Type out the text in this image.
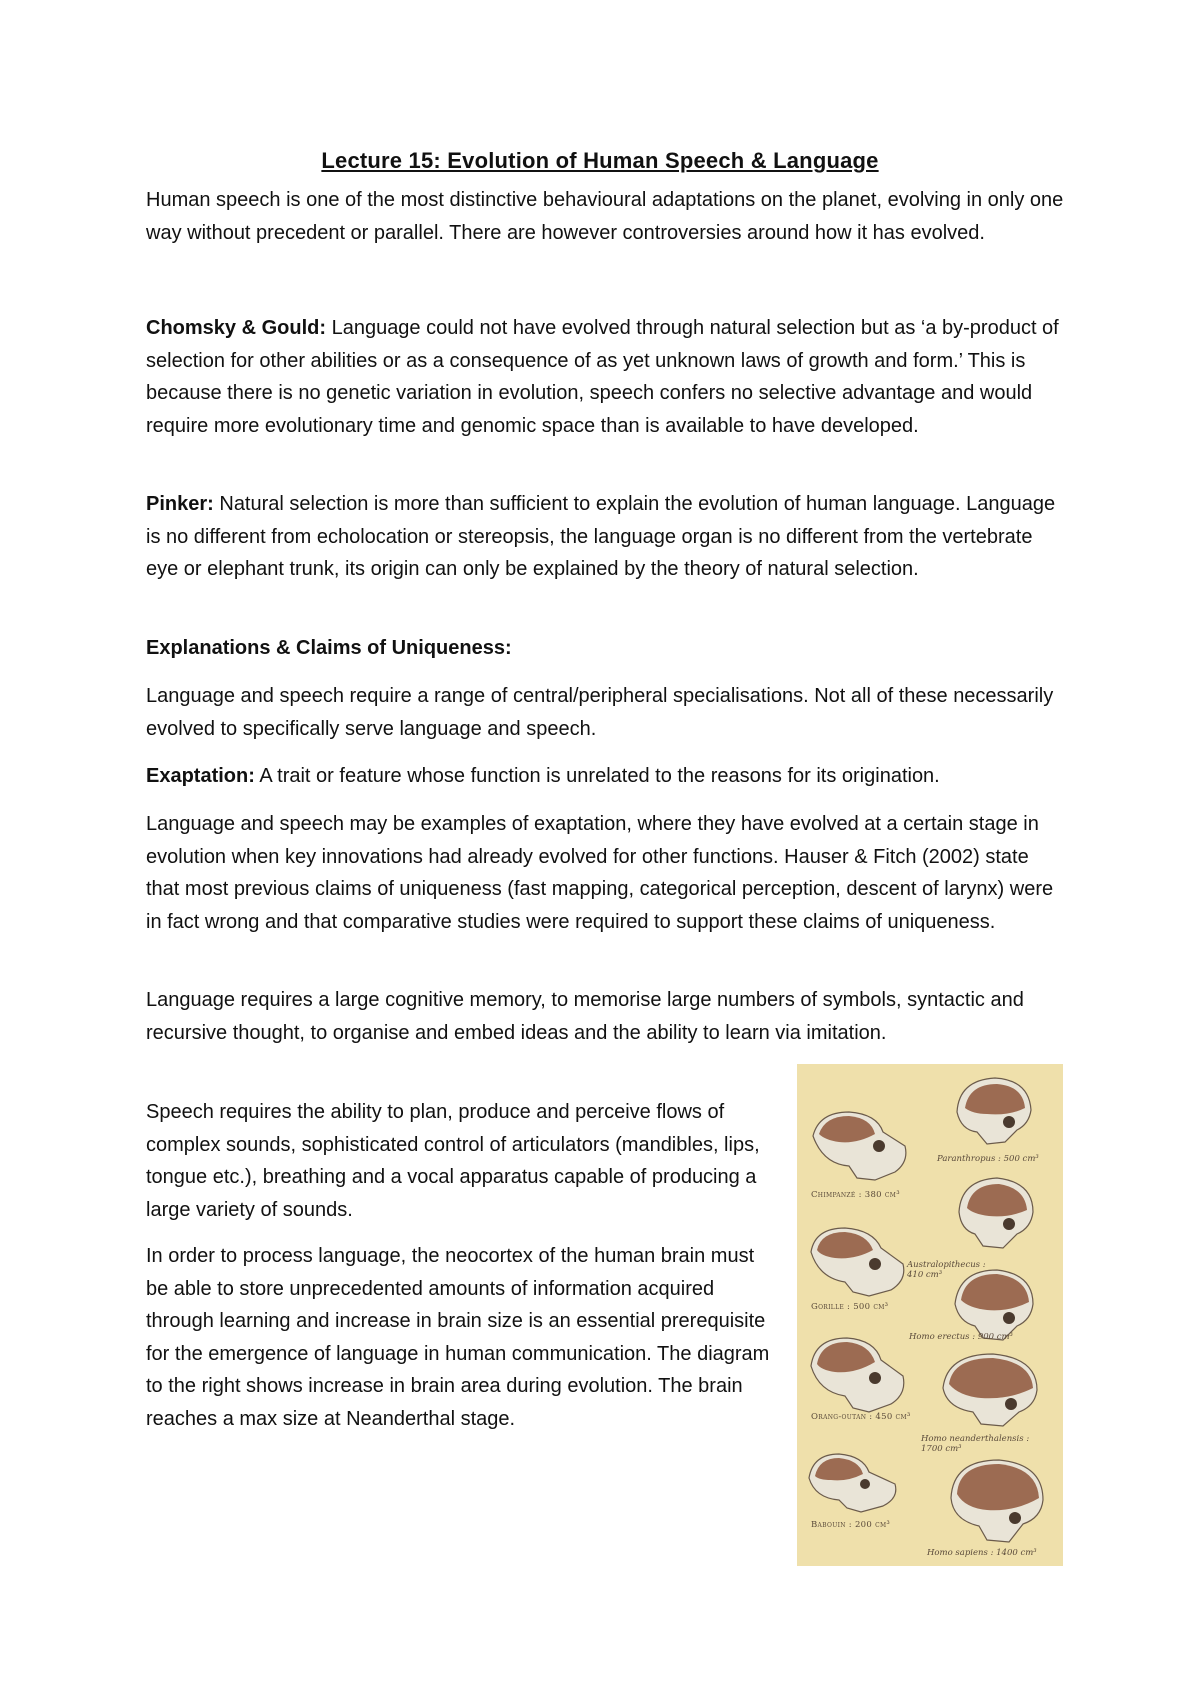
Lecture 15: Evolution of Human Speech & Language

Human speech is one of the most distinctive behavioural adaptations on the planet, evolving in only one way without precedent or parallel. There are however controversies around how it has evolved.

Chomsky & Gould: Language could not have evolved through natural selection but as ‘a by-product of selection for other abilities or as a consequence of as yet unknown laws of growth and form.’ This is because there is no genetic variation in evolution, speech confers no selective advantage and would require more evolutionary time and genomic space than is available to have developed.

Pinker: Natural selection is more than sufficient to explain the evolution of human language. Language is no different from echolocation or stereopsis, the language organ is no different from the vertebrate eye or elephant trunk, its origin can only be explained by the theory of natural selection.

Explanations & Claims of Uniqueness:

Language and speech require a range of central/peripheral specialisations. Not all of these necessarily evolved to specifically serve language and speech.

Exaptation: A trait or feature whose function is unrelated to the reasons for its origination.

Language and speech may be examples of exaptation, where they have evolved at a certain stage in evolution when key innovations had already evolved for other functions. Hauser & Fitch (2002) state that most previous claims of uniqueness (fast mapping, categorical perception, descent of larynx) were in fact wrong and that comparative studies were required to support these claims of uniqueness.

Language requires a large cognitive memory, to memorise large numbers of symbols, syntactic and recursive thought, to organise and embed ideas and the ability to learn via imitation.

Speech requires the ability to plan, produce and perceive flows of complex sounds, sophisticated control of articulators (mandibles, lips, tongue etc.), breathing and a vocal apparatus capable of producing a large variety of sounds.

In order to process language, the neocortex of the human brain must be able to store unprecedented amounts of information acquired through learning and increase in brain size is an essential prerequisite for the emergence of language in human communication. The diagram to the right shows increase in brain area during evolution. The brain reaches a max size at Neanderthal stage.

Paranthropus : 500 cm³
Chimpanzé : 380 cm³
Australopithecus :
410 cm³
Gorille : 500 cm³
Homo erectus : 900 cm³
Orang-outan : 450 cm³
Homo neanderthalensis :
1700 cm³
Babouin : 200 cm³
Homo sapiens : 1400 cm³
